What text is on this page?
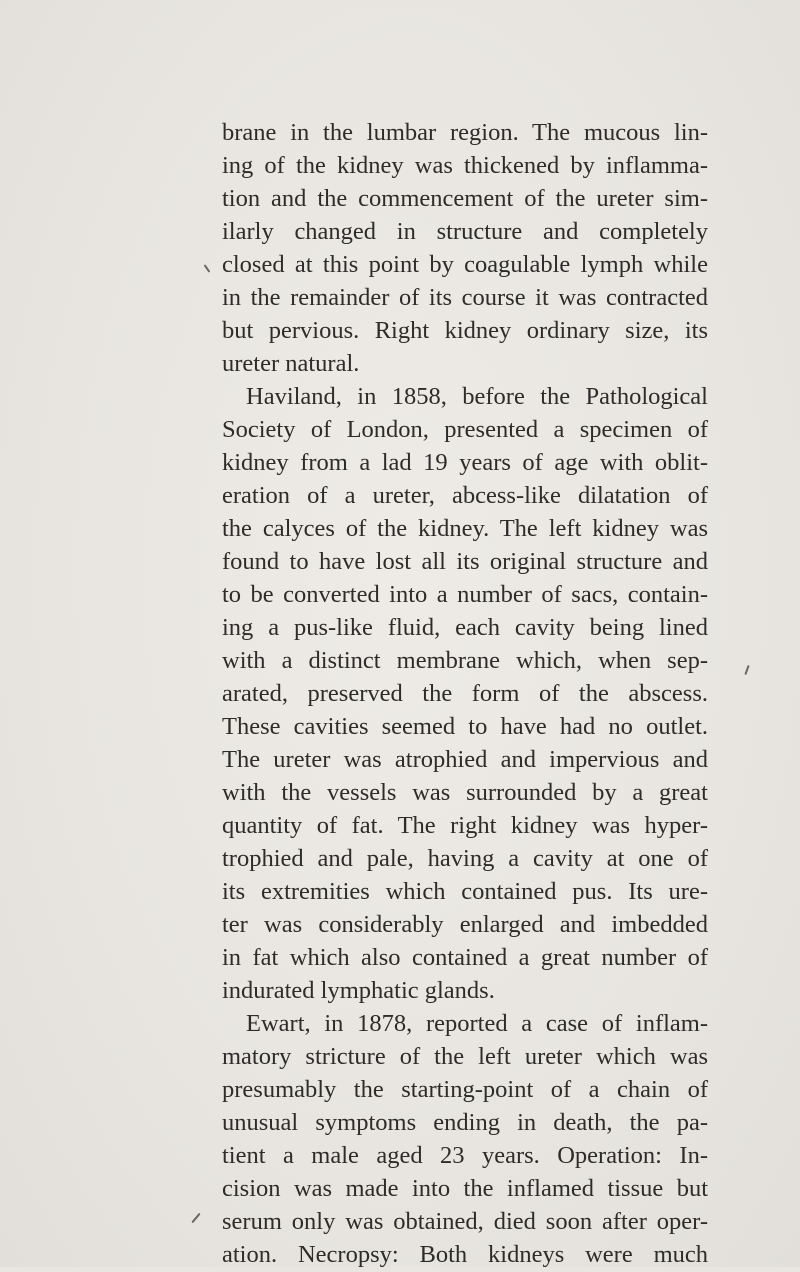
brane in the lumbar region. The mucous lin-
ing of the kidney was thickened by inflamma-
tion and the commencement of the ureter sim-
ilarly changed in structure and completely
closed at this point by coagulable lymph while
in the remainder of its course it was contracted
but pervious. Right kidney ordinary size, its
ureter natural.
Haviland, in 1858, before the Pathological
Society of London, presented a specimen of
kidney from a lad 19 years of age with oblit-
eration of a ureter, abcess-like dilatation of
the calyces of the kidney. The left kidney was
found to have lost all its original structure and
to be converted into a number of sacs, contain-
ing a pus-like fluid, each cavity being lined
with a distinct membrane which, when sep-
arated, preserved the form of the abscess.
These cavities seemed to have had no outlet.
The ureter was atrophied and impervious and
with the vessels was surrounded by a great
quantity of fat. The right kidney was hyper-
trophied and pale, having a cavity at one of
its extremities which contained pus. Its ure-
ter was considerably enlarged and imbedded
in fat which also contained a great number of
indurated lymphatic glands.
Ewart, in 1878, reported a case of inflam-
matory stricture of the left ureter which was
presumably the starting-point of a chain of
unusual symptoms ending in death, the pa-
tient a male aged 23 years. Operation: In-
cision was made into the inflamed tissue but
serum only was obtained, died soon after oper-
ation. Necropsy: Both kidneys were much
